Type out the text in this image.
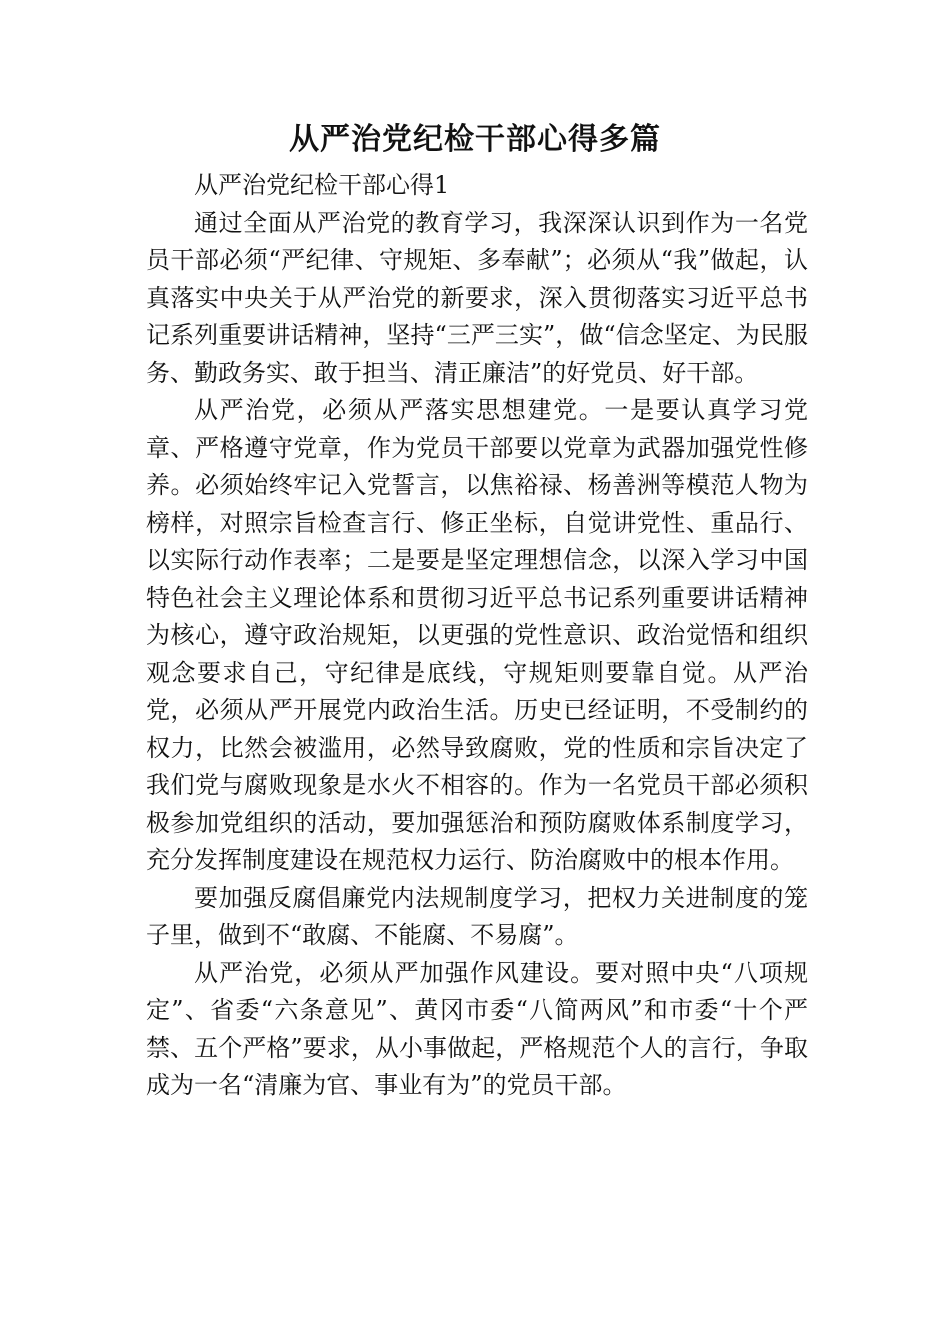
从严治党纪检干部心得多篇

从严治党纪检干部心得1

通过全面从严治党的教育学习，我深深认识到作为一名党员干部必须“严纪律、守规矩、多奉献”；必须从“我”做起，认真落实中央关于从严治党的新要求，深入贯彻落实习近平总书记系列重要讲话精神，坚持“三严三实”，做“信念坚定、为民服务、勤政务实、敢于担当、清正廉洁”的好党员、好干部。

从严治党，必须从严落实思想建党。一是要认真学习党章、严格遵守党章，作为党员干部要以党章为武器加强党性修养。必须始终牢记入党誓言，以焦裕禄、杨善洲等模范人物为榜样，对照宗旨检查言行、修正坐标，自觉讲党性、重品行、以实际行动作表率；二是要是坚定理想信念，以深入学习中国特色社会主义理论体系和贯彻习近平总书记系列重要讲话精神为核心，遵守政治规矩，以更强的党性意识、政治觉悟和组织观念要求自己，守纪律是底线，守规矩则要靠自觉。从严治党，必须从严开展党内政治生活。历史已经证明，不受制约的权力，比然会被滥用，必然导致腐败，党的性质和宗旨决定了我们党与腐败现象是水火不相容的。作为一名党员干部必须积极参加党组织的活动，要加强惩治和预防腐败体系制度学习，充分发挥制度建设在规范权力运行、防治腐败中的根本作用。

要加强反腐倡廉党内法规制度学习，把权力关进制度的笼子里，做到不“敢腐、不能腐、不易腐”。

从严治党，必须从严加强作风建设。要对照中央“八项规定”、省委“六条意见”、黄冈市委“八简两风”和市委“十个严禁、五个严格”要求，从小事做起，严格规范个人的言行，争取成为一名“清廉为官、事业有为”的党员干部。
